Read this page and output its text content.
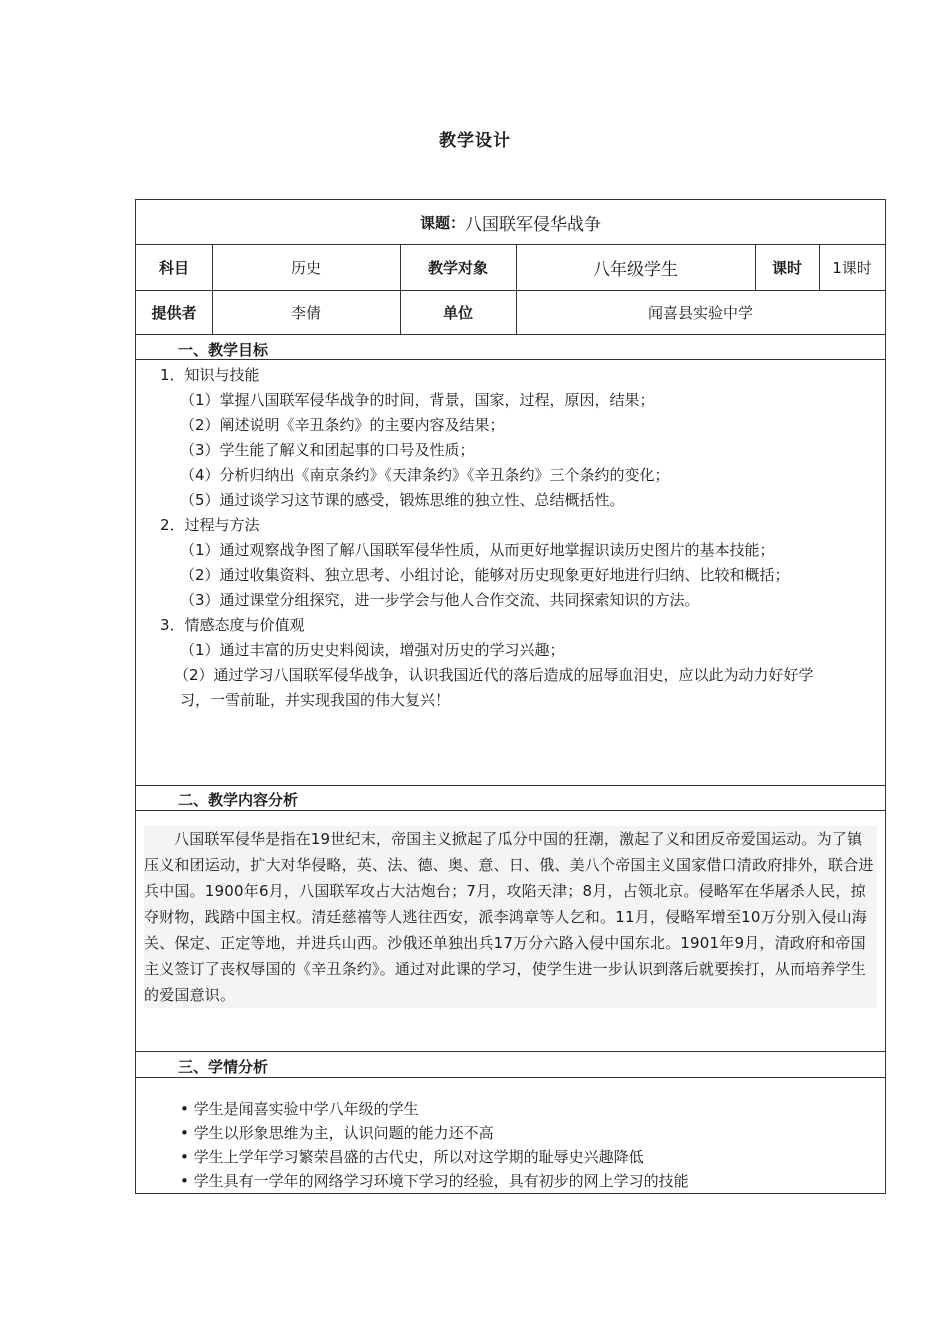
教学设计
课题： 八国联军侵华战争
科目	历史	教学对象	八年级学生	课时	1课时
提供者	李倩	单位	闻喜县实验中学
一、教学目标
1．知识与技能
（1）掌握八国联军侵华战争的时间，背景，国家，过程，原因，结果；
（2）阐述说明《辛丑条约》的主要内容及结果；
（3）学生能了解义和团起事的口号及性质；
（4）分析归纳出《南京条约》《天津条约》《辛丑条约》三个条约的变化；
（5）通过谈学习这节课的感受，锻炼思维的独立性、总结概括性。
2．过程与方法
（1）通过观察战争图了解八国联军侵华性质，从而更好地掌握识读历史图片的基本技能；
（2）通过收集资料、独立思考、小组讨论，能够对历史现象更好地进行归纳、比较和概括；
（3）通过课堂分组探究，进一步学会与他人合作交流、共同探索知识的方法。
3．情感态度与价值观
（1）通过丰富的历史史料阅读，增强对历史的学习兴趣；
（2）通过学习八国联军侵华战争，认识我国近代的落后造成的屈辱血泪史，应以此为动力好好学
习，一雪前耻，并实现我国的伟大复兴！
二、教学内容分析
八国联军侵华是指在19世纪末，帝国主义掀起了瓜分中国的狂潮，激起了义和团反帝爱国运动。为了镇压义和团运动，扩大对华侵略，英、法、德、奥、意、日、俄、美八个帝国主义国家借口清政府排外，联合进兵中国。1900年6月，八国联军攻占大沽炮台；7月，攻陷天津；8月，占领北京。侵略军在华屠杀人民，掠夺财物，践踏中国主权。清廷慈禧等人逃往西安，派李鸿章等人乞和。11月，侵略军增至10万分别入侵山海关、保定、正定等地，并进兵山西。沙俄还单独出兵17万分六路入侵中国东北。1901年9月，清政府和帝国主义签订了丧权辱国的《辛丑条约》。通过对此课的学习，使学生进一步认识到落后就要挨打，从而培养学生的爱国意识。
三、学情分析
• 学生是闻喜实验中学八年级的学生
• 学生以形象思维为主，认识问题的能力还不高
• 学生上学年学习繁荣昌盛的古代史，所以对这学期的耻辱史兴趣降低
• 学生具有一学年的网络学习环境下学习的经验，具有初步的网上学习的技能
